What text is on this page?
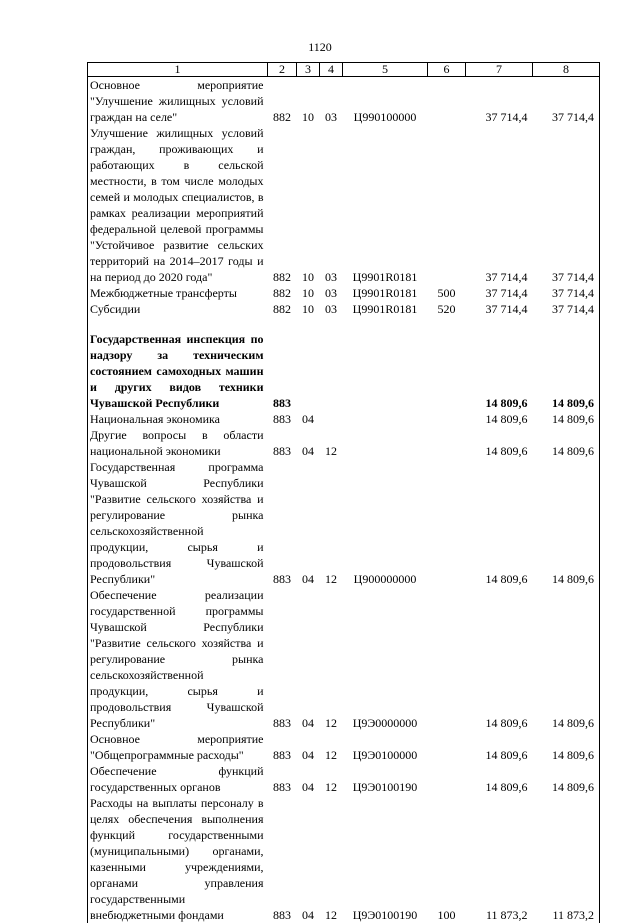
1120
1	2	3	4	5	6	7	8
Основное мероприятие "Улучшение жилищных условий граждан на селе"	882	10	03	Ц990100000		37 714,4	37 714,4
Улучшение жилищных условий граждан, проживающих и работающих в сельской местности, в том числе молодых семей и молодых специалистов, в рамках реализации мероприятий федеральной целевой программы "Устойчивое развитие сельских территорий на 2014–2017 годы и на период до 2020 года"	882	10	03	Ц9901R0181		37 714,4	37 714,4
Межбюджетные трансферты	882	10	03	Ц9901R0181	500	37 714,4	37 714,4
Субсидии	882	10	03	Ц9901R0181	520	37 714,4	37 714,4

Государственная инспекция по надзору за техническим состоянием самоходных машин и других видов техники Чувашской Республики	883					14 809,6	14 809,6
Национальная экономика	883	04				14 809,6	14 809,6
Другие вопросы в области национальной экономики	883	04	12			14 809,6	14 809,6
Государственная программа Чувашской Республики "Развитие сельского хозяйства и регулирование рынка сельскохозяйственной продукции, сырья и продовольствия Чувашской Республики"	883	04	12	Ц900000000		14 809,6	14 809,6
Обеспечение реализации государственной программы Чувашской Республики "Развитие сельского хозяйства и регулирование рынка сельскохозяйственной продукции, сырья и продовольствия Чувашской Республики"	883	04	12	Ц9Э0000000		14 809,6	14 809,6
Основное мероприятие "Общепрограммные расходы"	883	04	12	Ц9Э0100000		14 809,6	14 809,6
Обеспечение функций государственных органов	883	04	12	Ц9Э0100190		14 809,6	14 809,6
Расходы на выплаты персоналу в целях обеспечения выполнения функций государственными (муниципальными) органами, казенными учреждениями, органами управления государственными внебюджетными фондами	883	04	12	Ц9Э0100190	100	11 873,2	11 873,2
